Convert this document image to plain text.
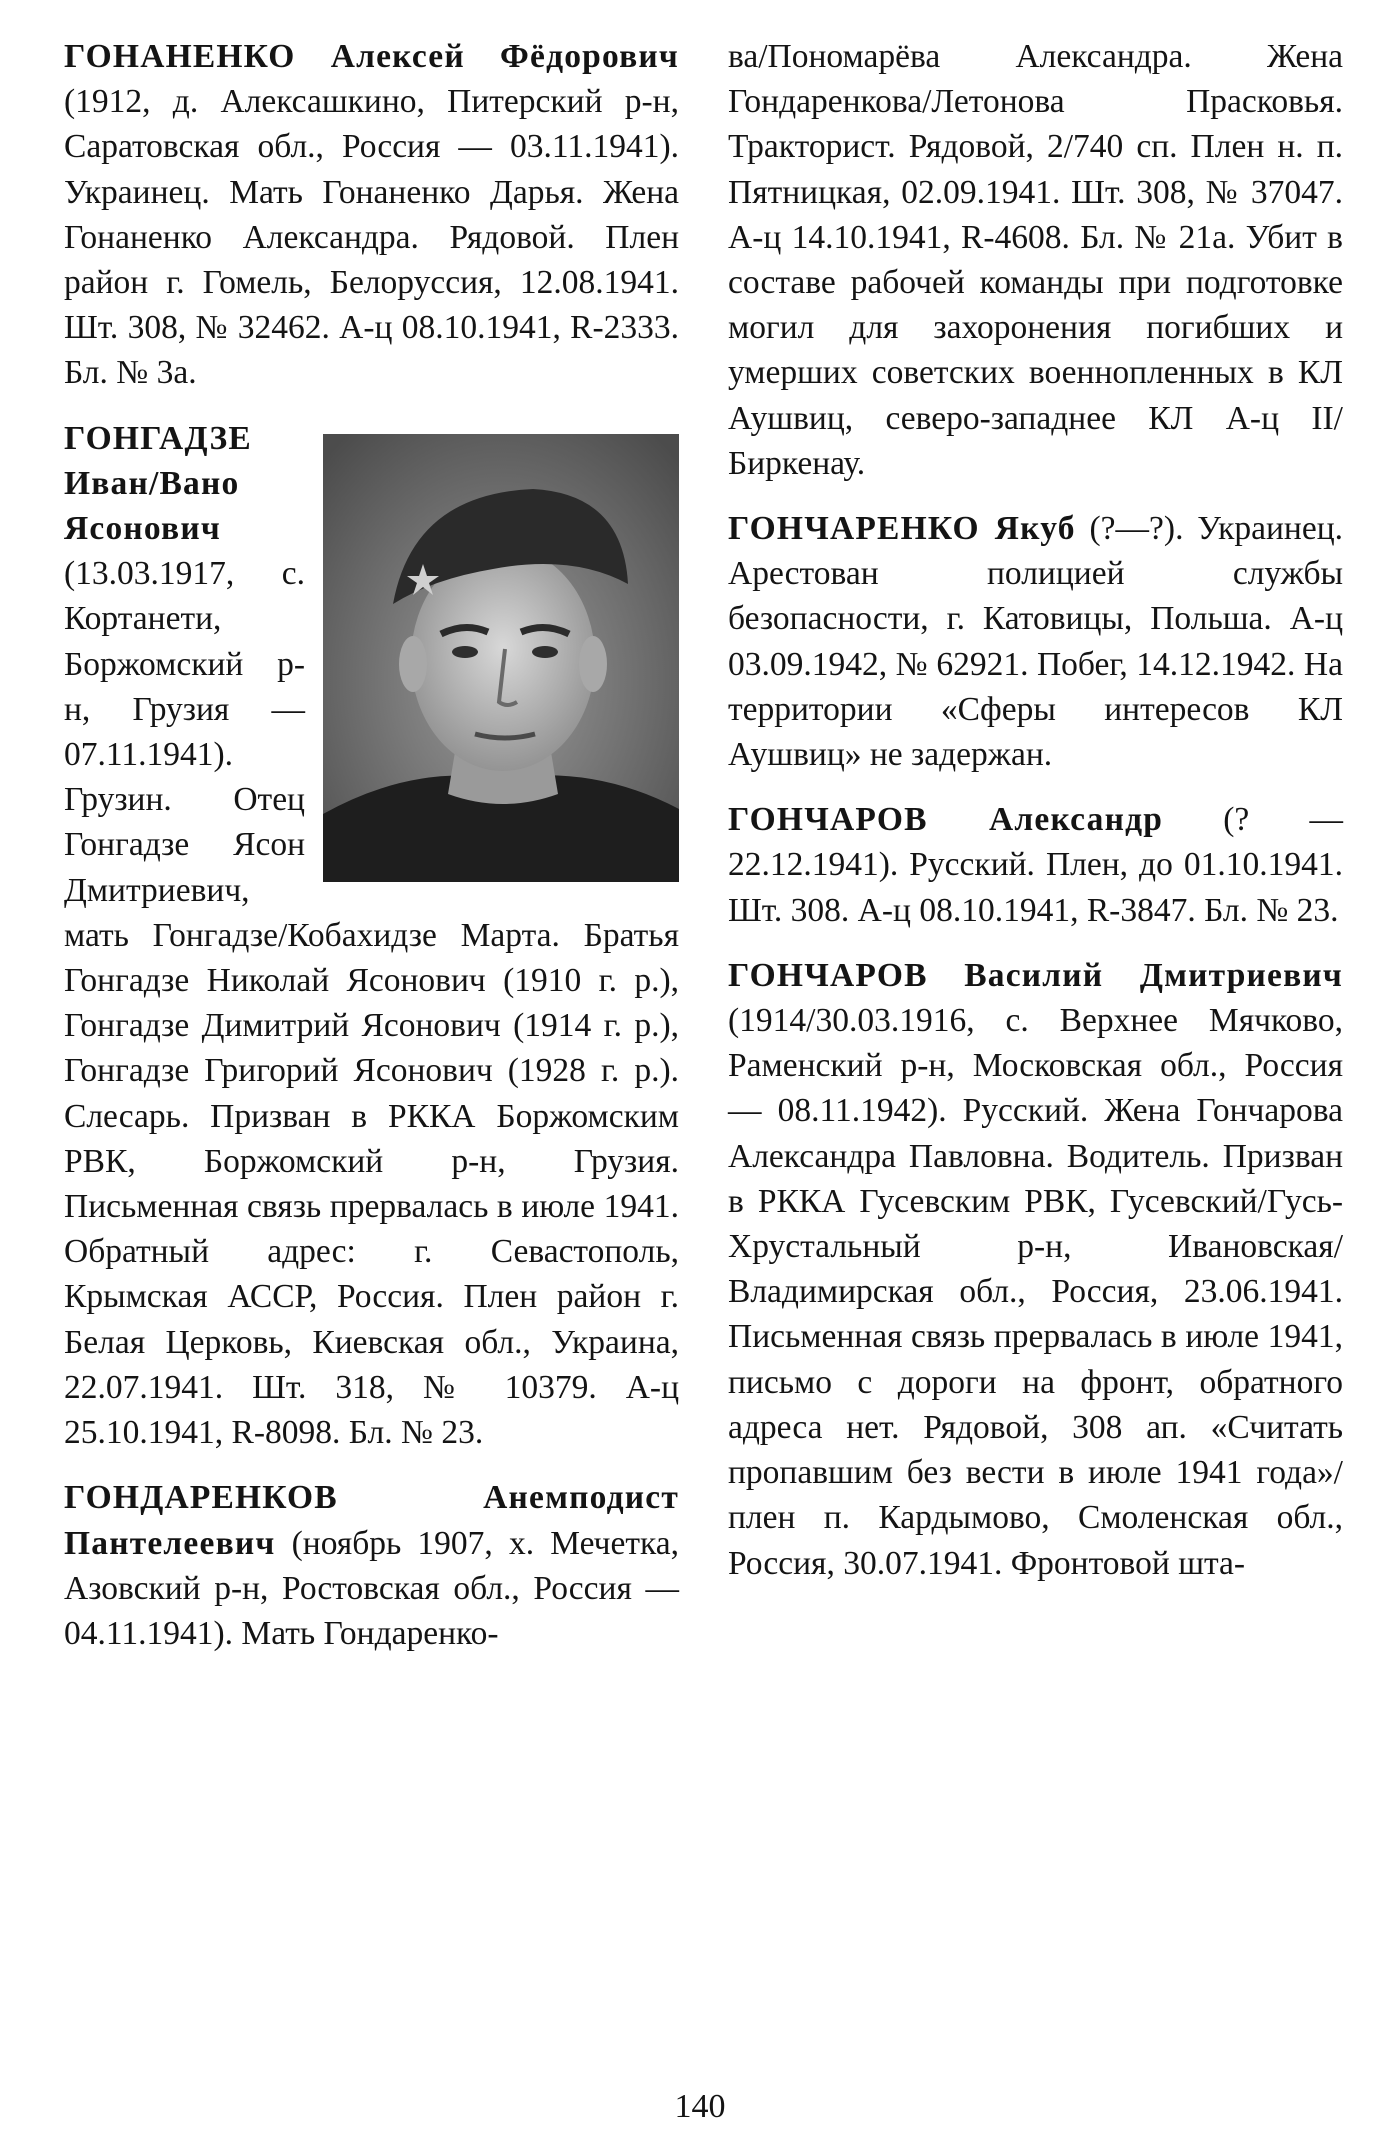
ГОНАНЕНКО Алексей Фёдорович (1912, д. Алексашкино, Питерский р-н, Саратовская обл., Россия — 03.11.1941). Украинец. Мать Гонаненко Дарья. Жена Гонаненко Александра. Рядовой. Плен район г. Гомель, Белоруссия, 12.08.1941. Шт. 308, № 32462. А-ц 08.10.1941, R-2333. Бл. № 3а.

ГОНГАДЗЕ Иван/Вано Ясонович (13.03.1917, с. Кортанети, Боржомский р-н, Грузия — 07.11.1941). Грузин. Отец Гонгадзе Ясон Дмитриевич, мать Гонгадзе/Кобахидзе Марта. Братья Гонгадзе Николай Ясонович (1910 г. р.), Гонгадзе Димитрий Ясонович (1914 г. р.), Гонгадзе Григорий Ясонович (1928 г. р.). Слесарь. Призван в РККА Боржомским РВК, Боржомский р-н, Грузия. Письменная связь прервалась в июле 1941. Обратный адрес: г. Севастополь, Крымская АССР, Россия. Плен район г. Белая Церковь, Киевская обл., Украина, 22.07.1941. Шт. 318, № 10379. А-ц 25.10.1941, R-8098. Бл. № 23.

ГОНДАРЕНКОВ Анемподист Пантелеевич (ноябрь 1907, х. Мечетка, Азовский р-н, Ростовская обл., Россия — 04.11.1941). Мать Гондаренко-

ва/Пономарёва Александра. Жена Гондаренкова/Летонова Прасковья. Тракторист. Рядовой, 2/740 сп. Плен н. п. Пятницкая, 02.09.1941. Шт. 308, № 37047. А-ц 14.10.1941, R-4608. Бл. № 21а. Убит в составе рабочей команды при подготовке могил для захоронения погибших и умерших советских военнопленных в КЛ Аушвиц, северо-западнее КЛ А-ц II/Биркенау.

ГОНЧАРЕНКО Якуб (?—?). Украинец. Арестован полицией службы безопасности, г. Катовицы, Польша. А-ц 03.09.1942, № 62921. Побег, 14.12.1942. На территории «Сферы интересов КЛ Аушвиц» не задержан.

ГОНЧАРОВ Александр (? — 22.12.1941). Русский. Плен, до 01.10.1941. Шт. 308. А-ц 08.10.1941, R-3847. Бл. № 23.

ГОНЧАРОВ Василий Дмитриевич (1914/30.03.1916, с. Верхнее Мячково, Раменский р-н, Московская обл., Россия — 08.11.1942). Русский. Жена Гончарова Александра Павловна. Водитель. Призван в РККА Гусевским РВК, Гусевский/Гусь-Хрустальный р-н, Ивановская/Владимирская обл., Россия, 23.06.1941. Письменная связь прервалась в июле 1941, письмо с дороги на фронт, обратного адреса нет. Рядовой, 308 ап. «Считать пропавшим без вести в июле 1941 года»/плен п. Кардымово, Смоленская обл., Россия, 30.07.1941. Фронтовой шта-

140
